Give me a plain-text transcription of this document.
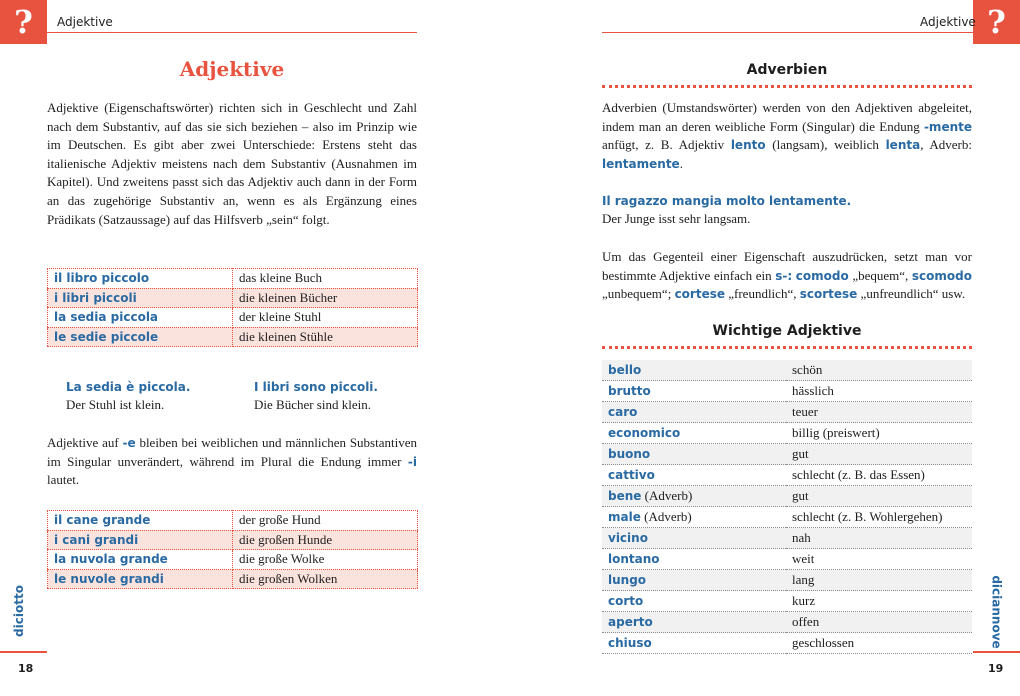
?	Adjektive
Adjektive

Adjektive (Eigenschaftswörter) richten sich in Geschlecht und Zahl nach dem Substantiv, auf das sie sich beziehen – also im Prinzip wie im Deutschen. Es gibt aber zwei Unterschiede: Erstens steht das italienische Adjektiv meistens nach dem Substantiv (Ausnahmen im Kapitel). Und zweitens passt sich das Adjektiv auch dann in der Form an das zugehörige Substantiv an, wenn es als Ergänzung eines Prädikats (Satzaussage) auf das Hilfsverb „sein“ folgt.

il libro piccolo	das kleine Buch
i libri piccoli	die kleinen Bücher
la sedia piccola	der kleine Stuhl
le sedie piccole	die kleinen Stühle
La sedia è piccola.
Der Stuhl ist klein.
I libri sono piccoli.
Die Bücher sind klein.

Adjektive auf -e bleiben bei weiblichen und männlichen Substantiven im Singular unverändert, während im Plural die Endung immer -i lautet.

il cane grande	der große Hund
i cani grandi	die großen Hunde
la nuvola grande	die große Wolke
le nuvole grandi	die großen Wolken
diciotto
18
?
Adjektive
Adverbien

Adverbien (Umstandswörter) werden von den Adjektiven abgeleitet, indem man an deren weibliche Form (Singular) die Endung -mente anfügt, z. B. Adjektiv lento (langsam), weiblich lenta, Adverb: lentamente.

Il ragazzo mangia molto lentamente.
Der Junge isst sehr langsam.

Um das Gegenteil einer Eigenschaft auszudrücken, setzt man vor bestimmte Adjektive einfach ein s-: comodo „bequem“, scomodo „unbequem“; cortese „freundlich“, scortese „unfreundlich“ usw.

Wichtige Adjektive
bello	schön
brutto	hässlich
caro	teuer
economico	billig (preiswert)
buono	gut
cattivo	schlecht (z. B. das Essen)
bene (Adverb)	gut
male (Adverb)	schlecht (z. B. Wohlergehen)
vicino	nah
lontano	weit
lungo	lang
corto	kurz
aperto	offen
chiuso	geschlossen	diciannove
19
